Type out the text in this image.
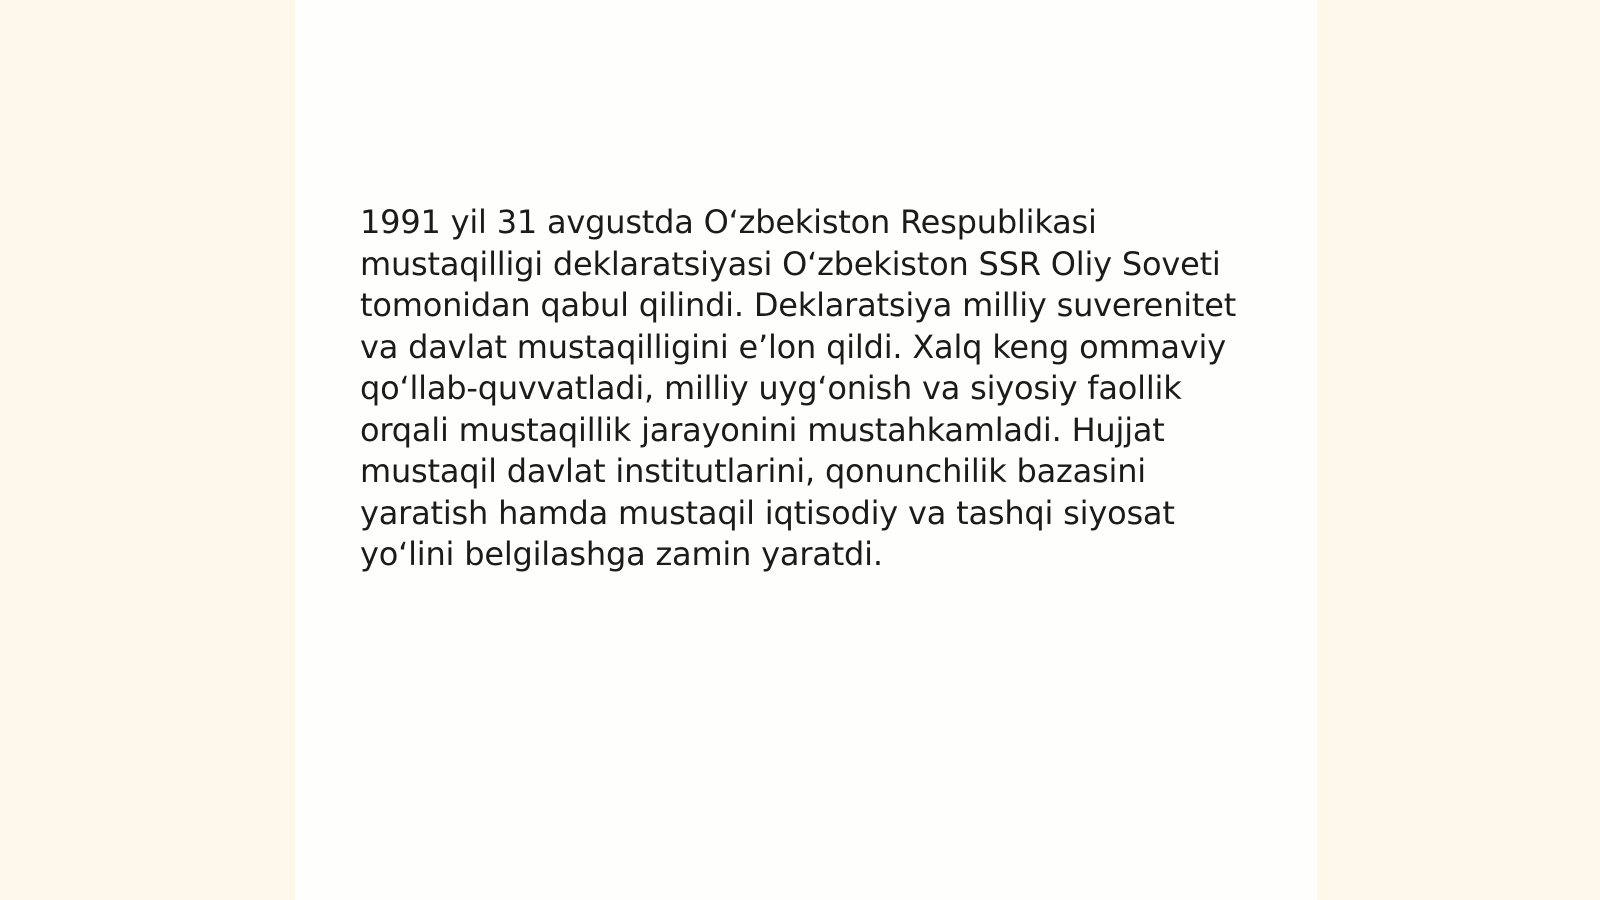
1991 yil 31 avgustda O‘zbekiston Respublikasi mustaqilligi deklaratsiyasi O‘zbekiston SSR Oliy Soveti tomonidan qabul qilindi. Deklaratsiya milliy suverenitet va davlat mustaqilligini e’lon qildi. Xalq keng ommaviy qo‘llab-quvvatladi, milliy uyg‘onish va siyosiy faollik orqali mustaqillik jarayonini mustahkamladi. Hujjat mustaqil davlat institutlarini, qonunchilik bazasini yaratish hamda mustaqil iqtisodiy va tashqi siyosat yo‘lini belgilashga zamin yaratdi.
